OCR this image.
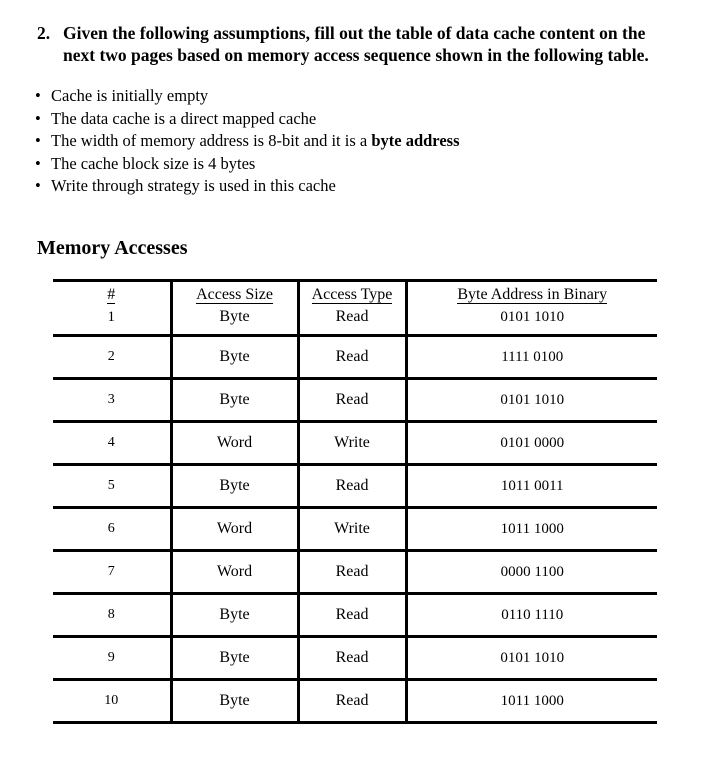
2. Given the following assumptions, fill out the table of data cache content on the
next two pages based on memory access sequence shown in the following table.
• Cache is initially empty
• The data cache is a direct mapped cache
• The width of memory address is 8-bit and it is a byte address
• The cache block size is 4 bytes
• Write through strategy is used in this cache
Memory Accesses
#	Access Size	Access Type	Byte Address in Binary
1	Byte	Read	0101 1010
2	Byte	Read	1111 0100
3	Byte	Read	0101 1010
4	Word	Write	0101 0000
5	Byte	Read	1011 0011
6	Word	Write	1011 1000
7	Word	Read	0000 1100
8	Byte	Read	0110 1110
9	Byte	Read	0101 1010
10	Byte	Read	1011 1000
